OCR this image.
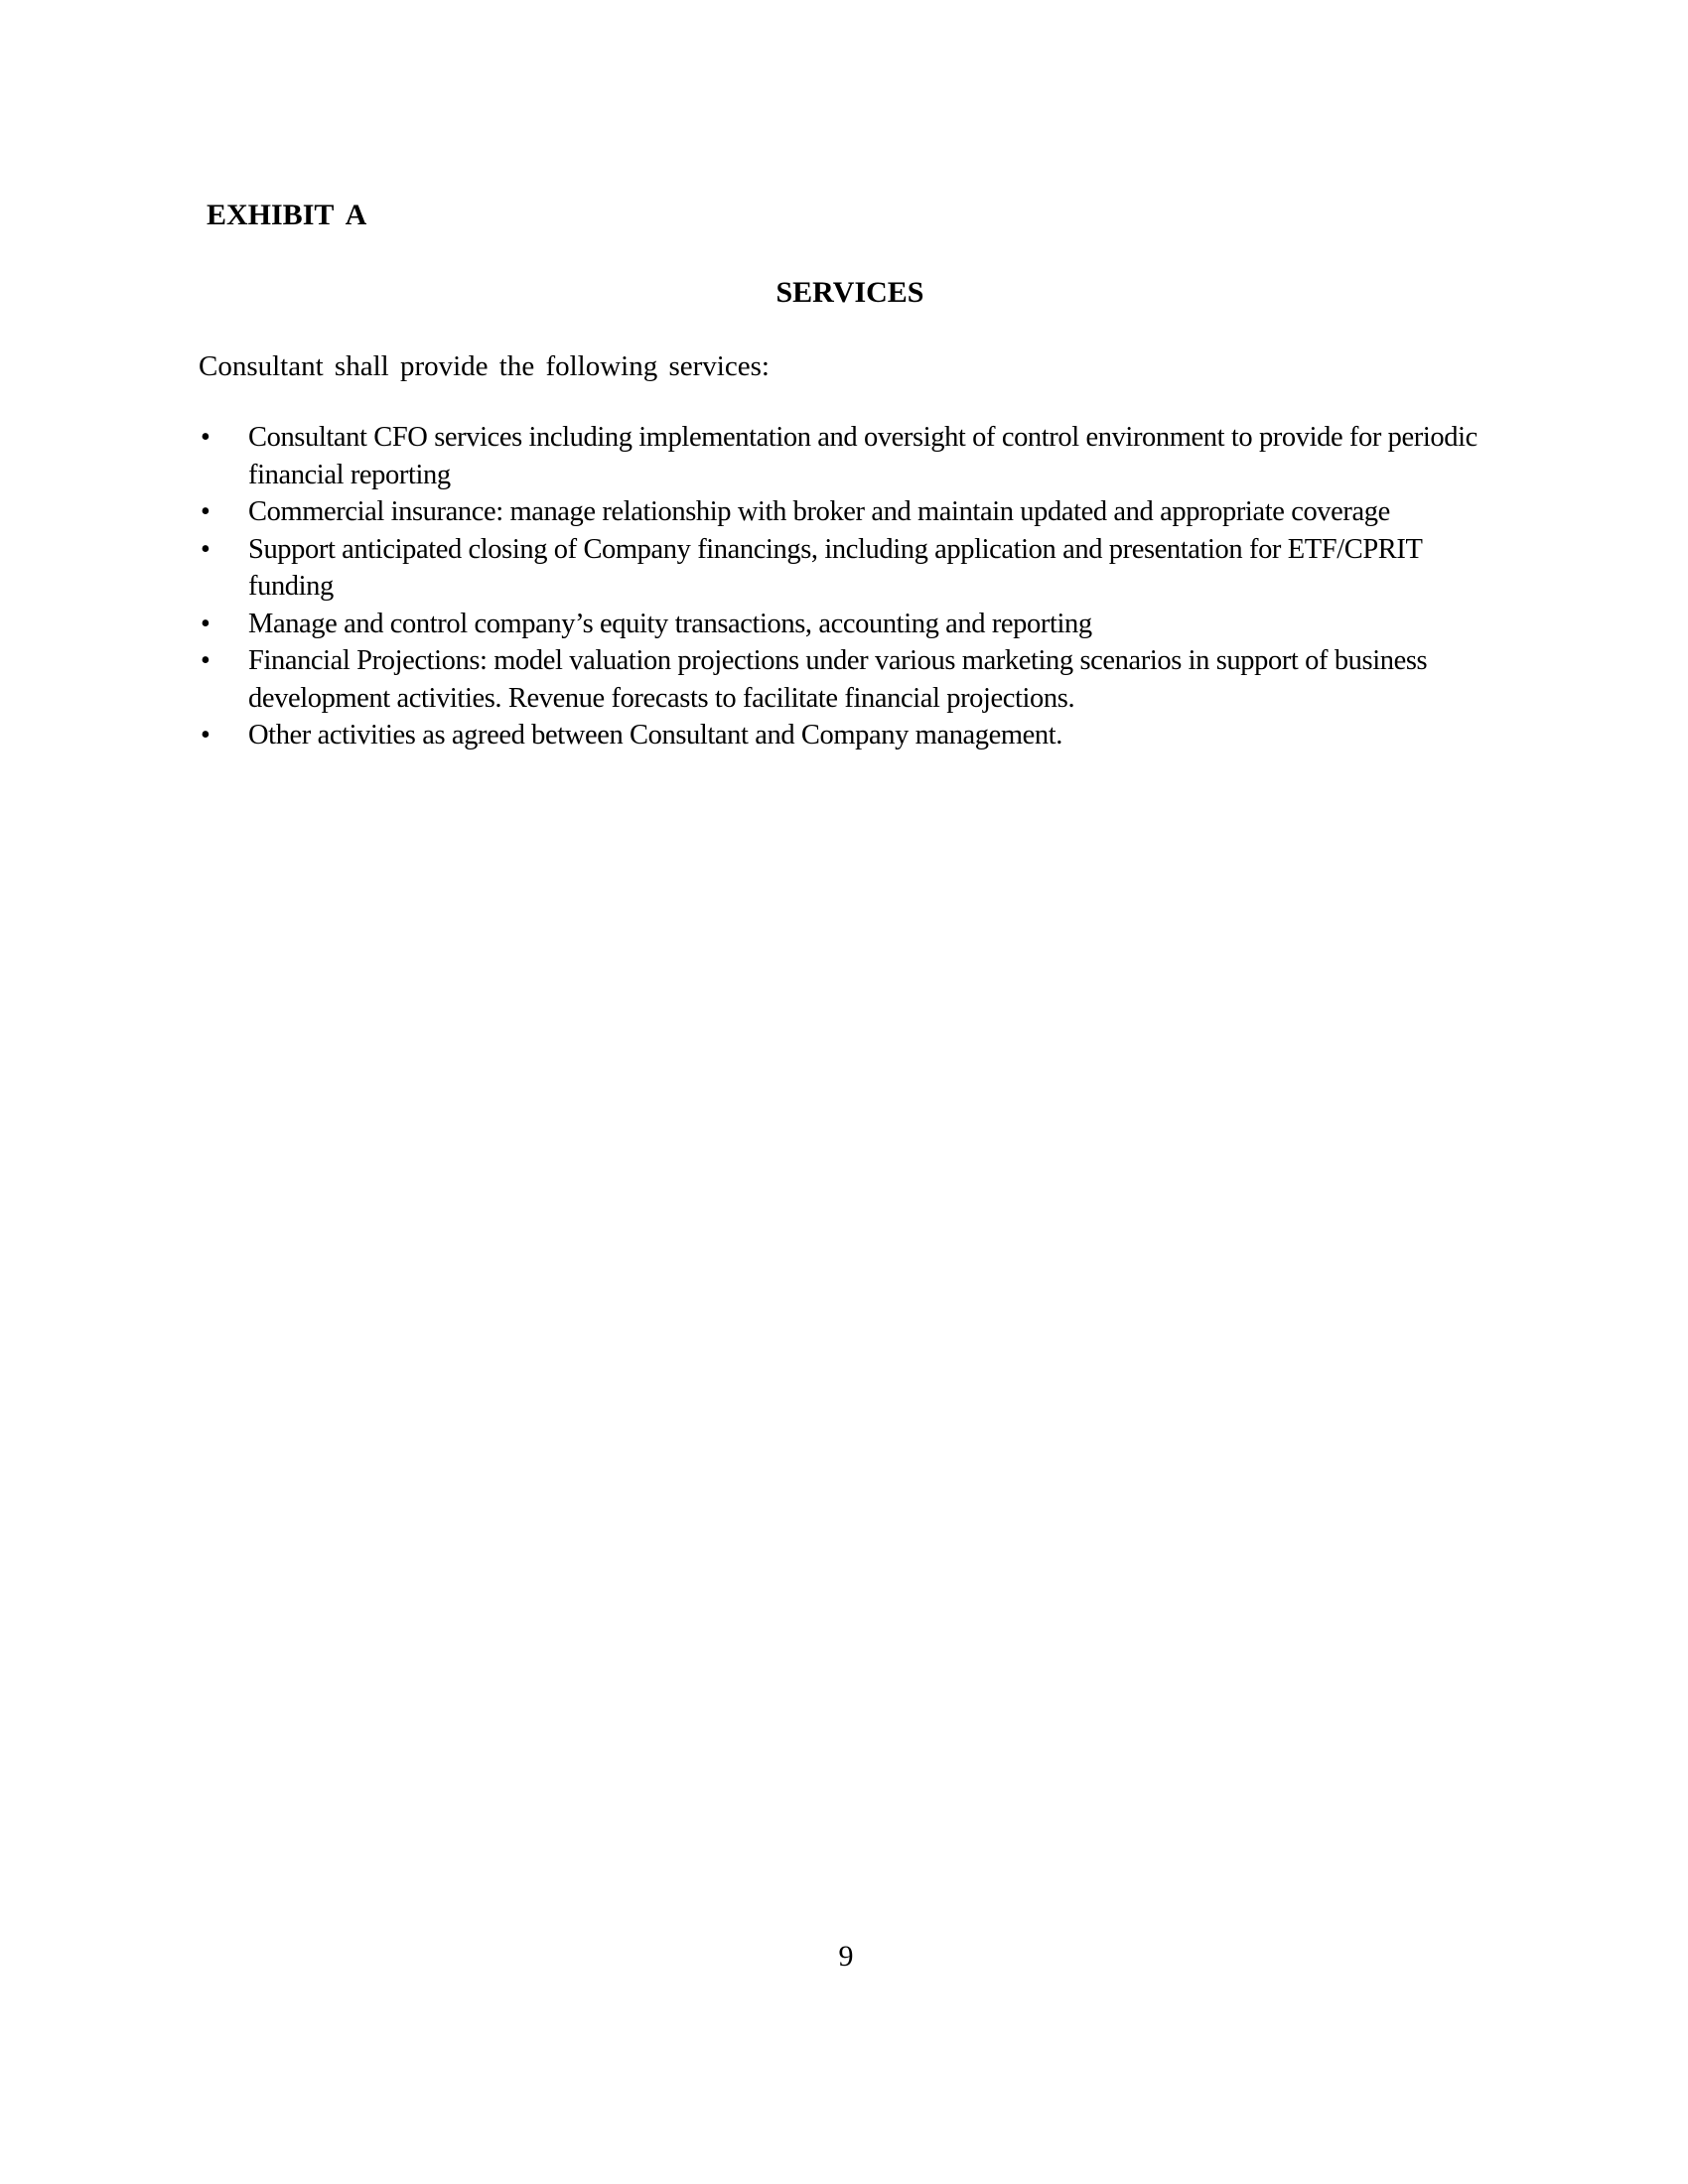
EXHIBIT A
SERVICES
Consultant shall provide the following services:
•
Consultant CFO services including implementation and oversight of control environment to provide for periodic financial reporting
•
Commercial insurance: manage relationship with broker and maintain updated and appropriate coverage
•
Support anticipated closing of Company financings, including application and presentation for ETF/CPRIT funding
•
Manage and control company’s equity transactions, accounting and reporting
•
Financial Projections: model valuation projections under various marketing scenarios in support of business development activities. Revenue forecasts to facilitate financial projections.
•
Other activities as agreed between Consultant and Company management.
9
